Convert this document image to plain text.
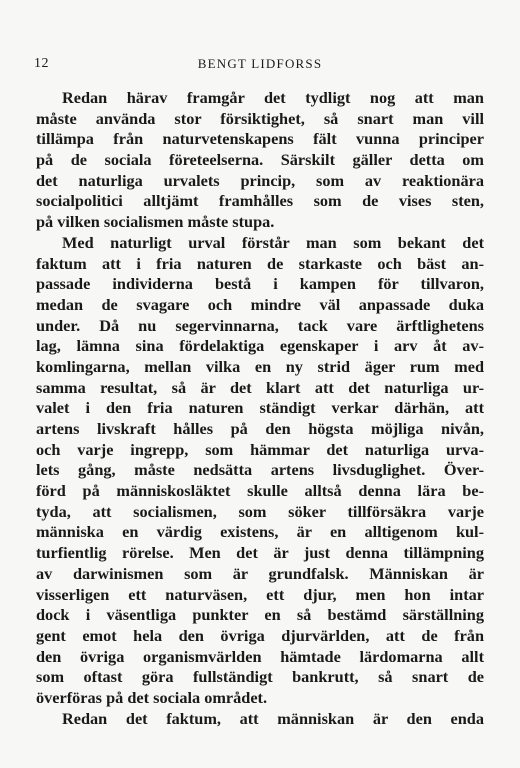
12	BENGT LIDFORSS
Redan härav framgår det tydligt nog att man
måste använda stor försiktighet, så snart man vill
tillämpa från naturvetenskapens fält vunna principer
på de sociala företeelserna. Särskilt gäller detta om
det naturliga urvalets princip, som av reaktionära
socialpolitici alltjämt framhålles som de vises sten,
på vilken socialismen måste stupa.
Med naturligt urval förstår man som bekant det
faktum att i fria naturen de starkaste och bäst an-
passade individerna bestå i kampen för tillvaron,
medan de svagare och mindre väl anpassade duka
under. Då nu segervinnarna, tack vare ärftlighetens
lag, lämna sina fördelaktiga egenskaper i arv åt av-
komlingarna, mellan vilka en ny strid äger rum med
samma resultat, så är det klart att det naturliga ur-
valet i den fria naturen ständigt verkar därhän, att
artens livskraft hålles på den högsta möjliga nivån,
och varje ingrepp, som hämmar det naturliga urva-
lets gång, måste nedsätta artens livsduglighet. Över-
förd på människosläktet skulle alltså denna lära be-
tyda, att socialismen, som söker tillförsäkra varje
människa en värdig existens, är en alltigenom kul-
turfientlig rörelse. Men det är just denna tillämpning
av darwinismen som är grundfalsk. Människan är
visserligen ett naturväsen, ett djur, men hon intar
dock i väsentliga punkter en så bestämd särställning
gent emot hela den övriga djurvärlden, att de från
den övriga organismvärlden hämtade lärdomarna allt
som oftast göra fullständigt bankrutt, så snart de
överföras på det sociala området.
Redan det faktum, att människan är den enda
